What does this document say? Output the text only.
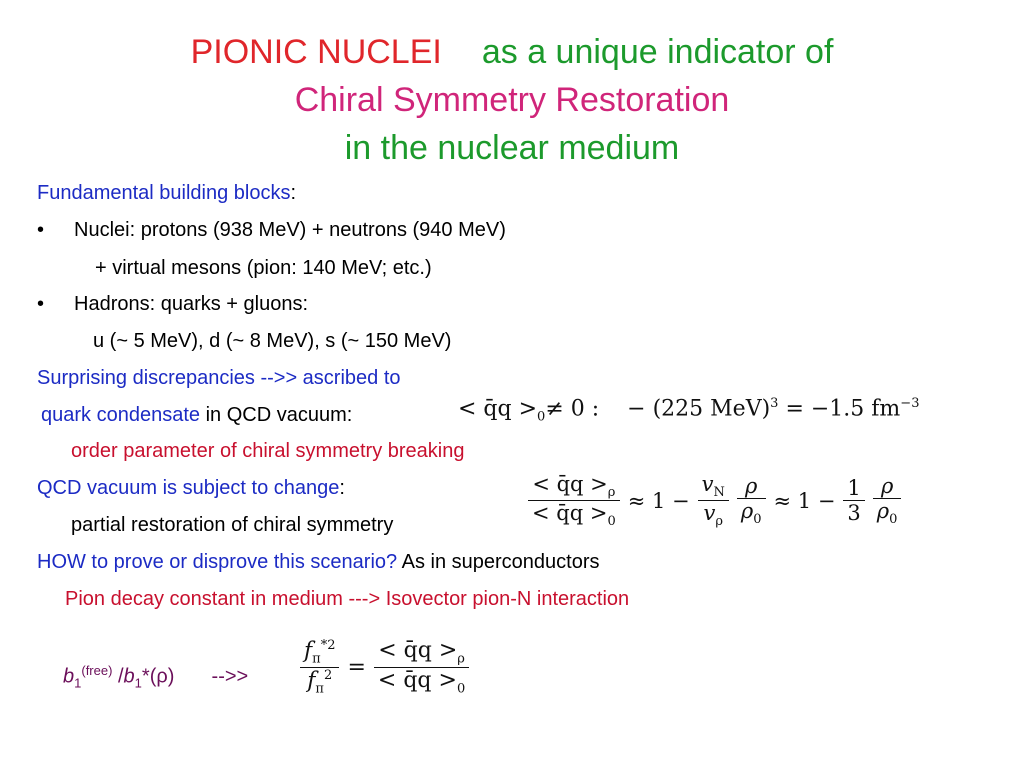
PIONIC NUCLEI as a unique indicator of
Chiral Symmetry Restoration
in the nuclear medium
Fundamental building blocks:
• Nuclei: protons (938 MeV) + neutrons (940 MeV)
+ virtual mesons (pion: 140 MeV; etc.)
• Hadrons: quarks + gluons:
u (~ 5 MeV), d (~ 8 MeV), s (~ 150 MeV)
Surprising discrepancies -->> ascribed to
quark condensate in QCD vacuum:	< q̄q $>_0\ne 0$ : − (225 MeV)$^3$ = −1.5 $fm^{-3}$
order parameter of chiral symmetry breaking
QCD vacuum is subject to change:
partial restoration of chiral symmetry	$\frac{< q̄q >_\rho}{< q̄q >_0} \approx 1 - \frac{v_N}{v_\rho} \frac{\rho}{\rho_0} \approx 1 - \frac{1}{3} \frac{\rho}{\rho_0}$
HOW to prove or disprove this scenario? As in superconductors
Pion decay constant in medium ---> Isovector pion-N interaction
$b_1^{(free)}$ $/b_1*(\rho)$ -->> $\frac{f_\pi^{*2}}{f_\pi^2} = \frac{< q̄q >_\rho}{< q̄q >_0}$
